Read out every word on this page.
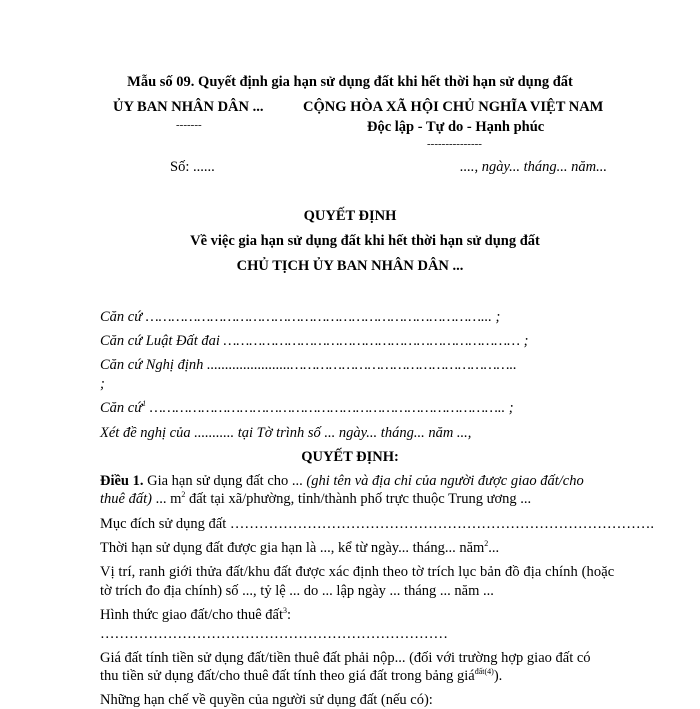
Mẫu số 09. Quyết định gia hạn sử dụng đất khi hết thời hạn sử dụng đất
ỦY BAN NHÂN DÂN ...
-------
CỘNG HÒA XÃ HỘI CHỦ NGHĨA VIỆT NAM
Độc lập - Tự do - Hạnh phúc
---------------
Số: ......	...., ngày... tháng... năm...
QUYẾT ĐỊNH
Về việc gia hạn sử dụng đất khi hết thời hạn sử dụng đất
CHỦ TỊCH ỦY BAN NHÂN DÂN ...
Căn cứ ……………………………………………………………………... ;
Căn cứ Luật Đất đai …………………………………………………………… ;
Căn cứ Nghị định .......................……………………………………………..
;
Căn cứ$^1$ ……………………………………………………………………….. ;
Xét đề nghị của ........... tại Tờ trình số ... ngày... tháng... năm ...,
QUYẾT ĐỊNH:
Điều 1. Gia hạn sử dụng đất cho ... (ghi tên và địa chỉ của người được giao đất/cho
thuê đất) ... $m^2$ đất tại xã/phường, tỉnh/thành phố trực thuộc Trung ương ...
Mục đích sử dụng đất …………………………………………………………………………….
Thời hạn sử dụng đất được gia hạn là ..., kể từ ngày... tháng... năm$^2$...
Vị trí, ranh giới thửa đất/khu đất được xác định theo tờ trích lục bản đồ địa chính (hoặc
tờ trích đo địa chính) số ..., tỷ lệ ... do ... lập ngày ... tháng ... năm ...
Hình thức giao đất/cho thuê đất$^3$:
………………………………………………………………
Giá đất tính tiền sử dụng đất/tiền thuê đất phải nộp... (đối với trường hợp giao đất có
thu tiền sử dụng đất/cho thuê đất tính theo giá đất trong bảng giá$^{đất(4)}$).
Những hạn chế về quyền của người sử dụng đất (nếu có):
